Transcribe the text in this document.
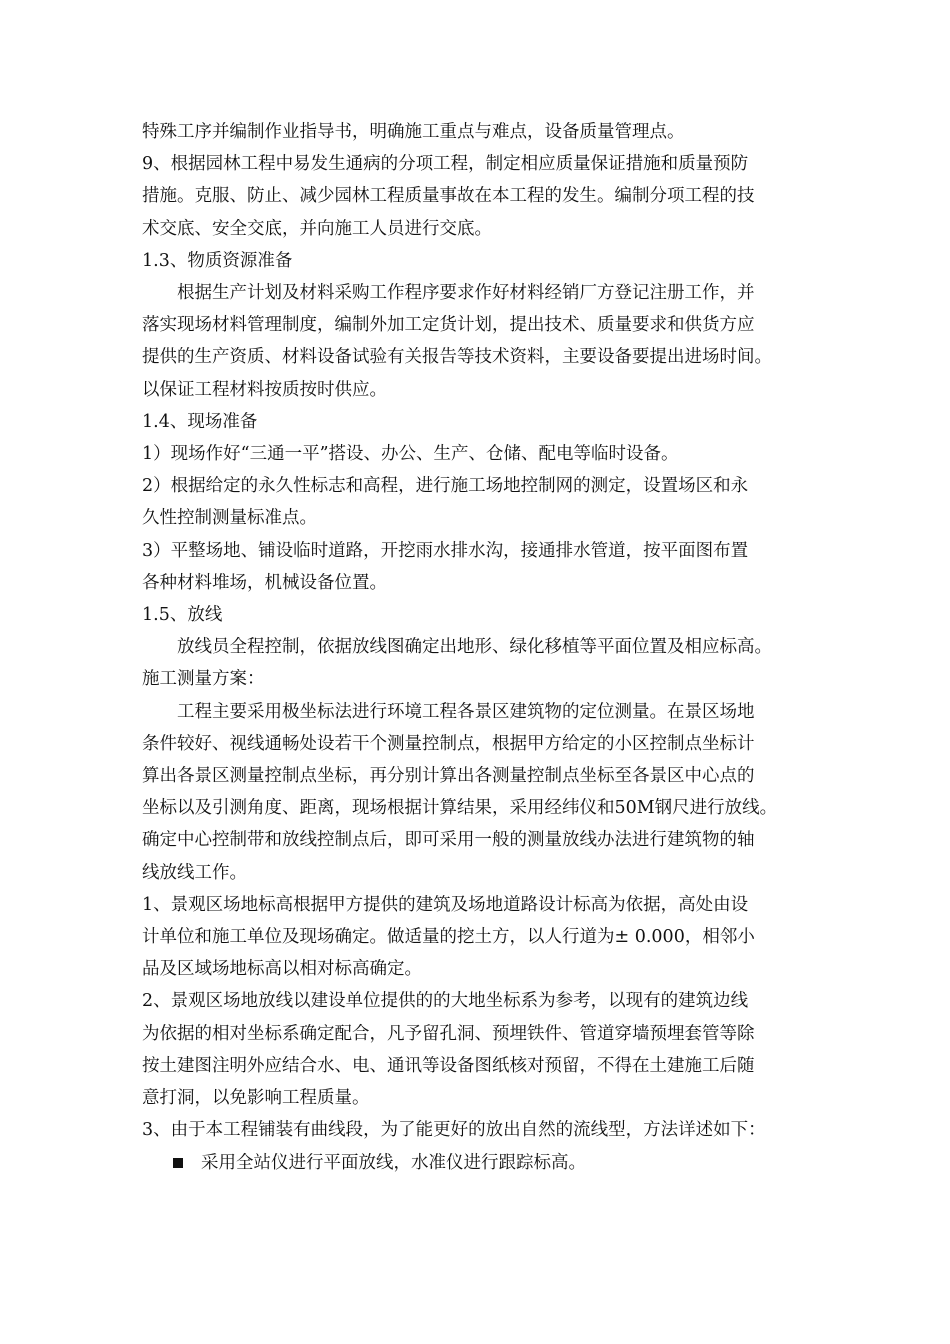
特殊工序并编制作业指导书，明确施工重点与难点，设备质量管理点。
9、根据园林工程中易发生通病的分项工程，制定相应质量保证措施和质量预防
措施。克服、防止、减少园林工程质量事故在本工程的发生。编制分项工程的技
术交底、安全交底，并向施工人员进行交底。
1.3、物质资源准备
根据生产计划及材料采购工作程序要求作好材料经销厂方登记注册工作，并
落实现场材料管理制度，编制外加工定货计划，提出技术、质量要求和供货方应
提供的生产资质、材料设备试验有关报告等技术资料，主要设备要提出进场时间。
以保证工程材料按质按时供应。
1.4、现场准备
1）现场作好“三通一平”搭设、办公、生产、仓储、配电等临时设备。
2）根据给定的永久性标志和高程，进行施工场地控制网的测定，设置场区和永
久性控制测量标准点。
3）平整场地、铺设临时道路，开挖雨水排水沟，接通排水管道，按平面图布置
各种材料堆场，机械设备位置。
1.5、放线
放线员全程控制，依据放线图确定出地形、绿化移植等平面位置及相应标高。
施工测量方案：
工程主要采用极坐标法进行环境工程各景区建筑物的定位测量。在景区场地
条件较好、视线通畅处设若干个测量控制点，根据甲方给定的小区控制点坐标计
算出各景区测量控制点坐标，再分别计算出各测量控制点坐标至各景区中心点的
坐标以及引测角度、距离，现场根据计算结果，采用经纬仪和50M钢尺进行放线。
确定中心控制带和放线控制点后，即可采用一般的测量放线办法进行建筑物的轴
线放线工作。
1、景观区场地标高根据甲方提供的建筑及场地道路设计标高为依据，高处由设
计单位和施工单位及现场确定。做适量的挖土方，以人行道为± 0.000，相邻小
品及区域场地标高以相对标高确定。
2、景观区场地放线以建设单位提供的的大地坐标系为参考，以现有的建筑边线
为依据的相对坐标系确定配合，凡予留孔洞、预埋铁件、管道穿墙预埋套管等除
按土建图注明外应结合水、电、通讯等设备图纸核对预留，不得在土建施工后随
意打洞，以免影响工程质量。
3、由于本工程铺装有曲线段，为了能更好的放出自然的流线型，方法详述如下：
采用全站仪进行平面放线，水准仪进行跟踪标高。
